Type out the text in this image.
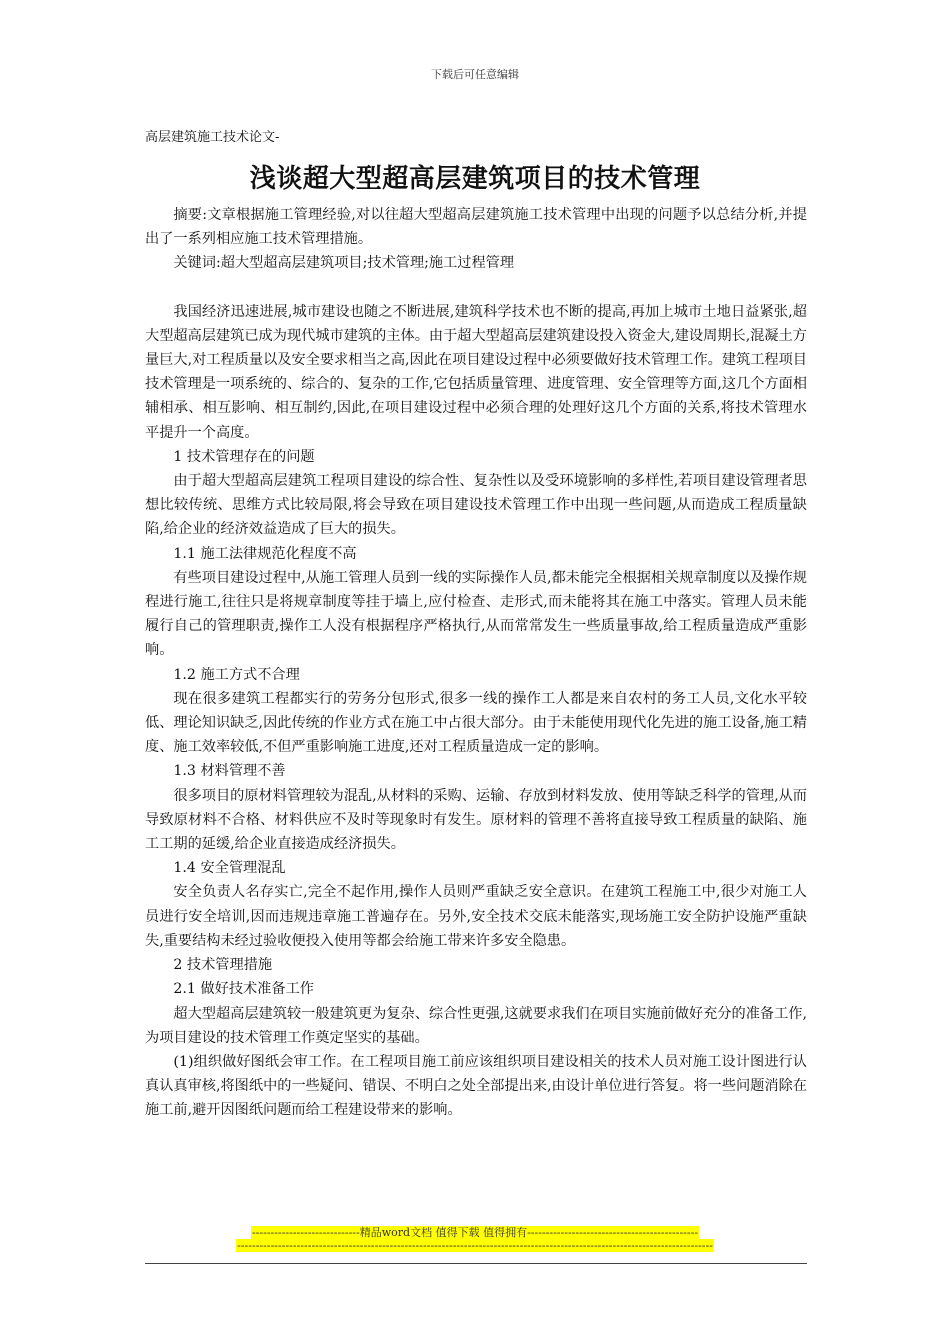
下载后可任意编辑
高层建筑施工技术论文-
浅谈超大型超高层建筑项目的技术管理

摘要:文章根据施工管理经验,对以往超大型超高层建筑施工技术管理中出现的问题予以总结分析,并提出了一系列相应施工技术管理措施。

关键词:超大型超高层建筑项目;技术管理;施工过程管理

我国经济迅速进展,城市建设也随之不断进展,建筑科学技术也不断的提高,再加上城市土地日益紧张,超大型超高层建筑已成为现代城市建筑的主体。由于超大型超高层建筑建设投入资金大,建设周期长,混凝土方量巨大,对工程质量以及安全要求相当之高,因此在项目建设过程中必须要做好技术管理工作。建筑工程项目技术管理是一项系统的、综合的、复杂的工作,它包括质量管理、进度管理、安全管理等方面,这几个方面相辅相承、相互影响、相互制约,因此,在项目建设过程中必须合理的处理好这几个方面的关系,将技术管理水平提升一个高度。

1 技术管理存在的问题

由于超大型超高层建筑工程项目建设的综合性、复杂性以及受环境影响的多样性,若项目建设管理者思想比较传统、思维方式比较局限,将会导致在项目建设技术管理工作中出现一些问题,从而造成工程质量缺陷,给企业的经济效益造成了巨大的损失。

1.1 施工法律规范化程度不高

有些项目建设过程中,从施工管理人员到一线的实际操作人员,都未能完全根据相关规章制度以及操作规程进行施工,往往只是将规章制度等挂于墙上,应付检查、走形式,而未能将其在施工中落实。管理人员未能履行自己的管理职责,操作工人没有根据程序严格执行,从而常常发生一些质量事故,给工程质量造成严重影响。

1.2 施工方式不合理

现在很多建筑工程都实行的劳务分包形式,很多一线的操作工人都是来自农村的务工人员,文化水平较低、理论知识缺乏,因此传统的作业方式在施工中占很大部分。由于未能使用现代化先进的施工设备,施工精度、施工效率较低,不但严重影响施工进度,还对工程质量造成一定的影响。

1.3 材料管理不善

很多项目的原材料管理较为混乱,从材料的采购、运输、存放到材料发放、使用等缺乏科学的管理,从而导致原材料不合格、材料供应不及时等现象时有发生。原材料的管理不善将直接导致工程质量的缺陷、施工工期的延缓,给企业直接造成经济损失。

1.4 安全管理混乱

安全负责人名存实亡,完全不起作用,操作人员则严重缺乏安全意识。在建筑工程施工中,很少对施工人员进行安全培训,因而违规违章施工普遍存在。另外,安全技术交底未能落实,现场施工安全防护设施严重缺失,重要结构未经过验收便投入使用等都会给施工带来许多安全隐患。

2 技术管理措施

2.1 做好技术准备工作

超大型超高层建筑较一般建筑更为复杂、综合性更强,这就要求我们在项目实施前做好充分的准备工作,为项目建设的技术管理工作奠定坚实的基础。

(1)组织做好图纸会审工作。在工程项目施工前应该组织项目建设相关的技术人员对施工设计图进行认真认真审核,将图纸中的一些疑问、错误、不明白之处全部提出来,由设计单位进行答复。将一些问题消除在施工前,避开因图纸问题而给工程建设带来的影响。

-----------------------------精品word文档 值得下载 值得拥有----------------------------------------------
--------------------------------------------------------------------------------------------------------------------------------
